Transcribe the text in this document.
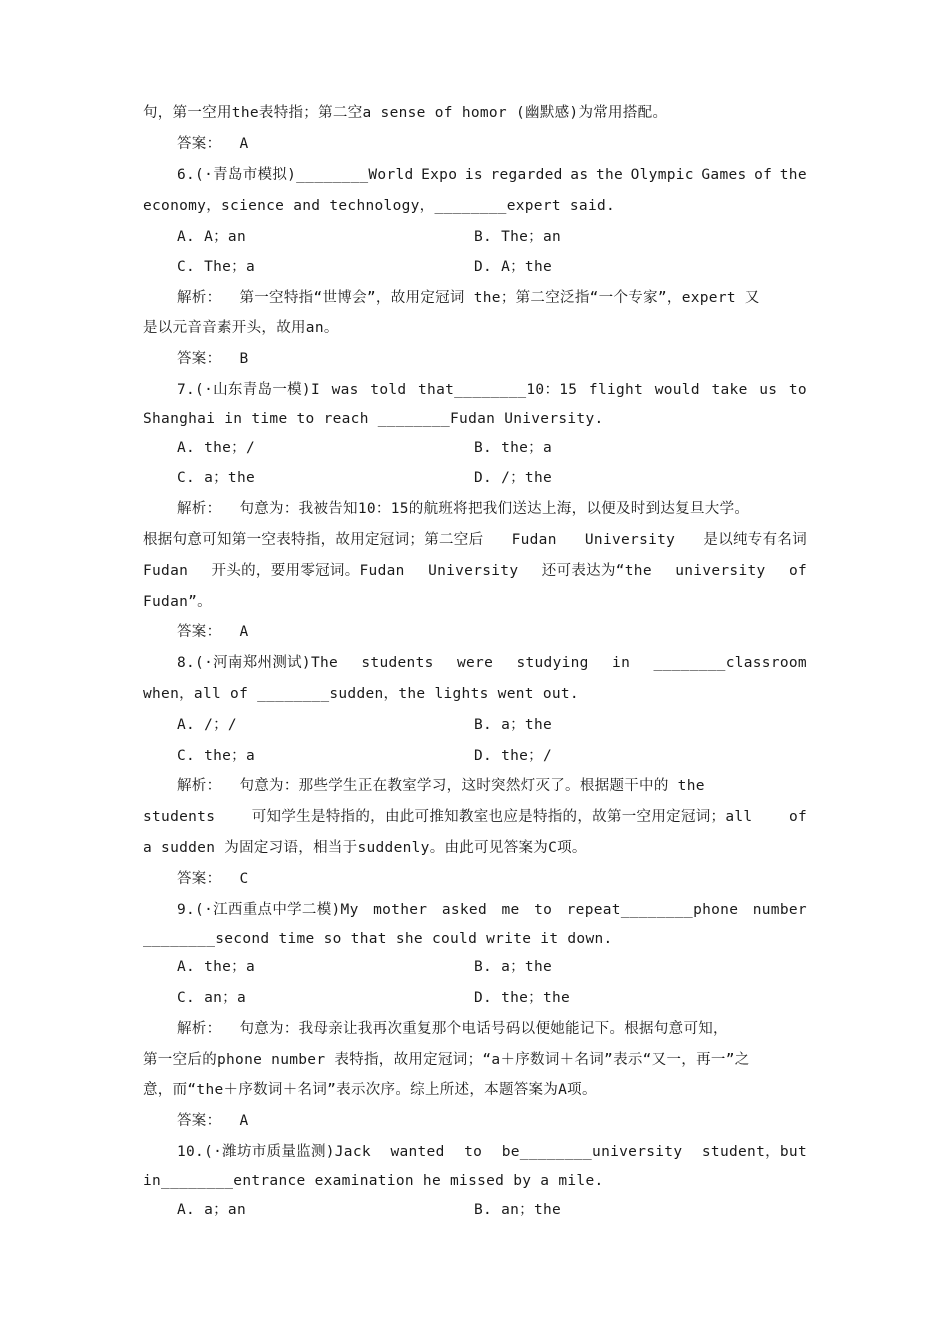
句，第一空用the表特指；第二空a sense of homor (幽默感)为常用搭配。
答案：  A
6.(·青岛市模拟)________World Expo is regarded as the Olympic Games of the
economy，science and technology，________expert said.
A. A；an	B. The；an
C. The；a	D. A；the
解析：  第一空特指“世博会”，故用定冠词 the；第二空泛指“一个专家”，expert 又
是以元音音素开头，故用an。
答案：  B
7.(·山东青岛一模)I was told that________10：15 flight would take us to
Shanghai in time to reach ________Fudan University.
A. the；/	B. the；a
C. a；the	D. /；the
解析：  句意为：我被告知10：15的航班将把我们送达上海，以便及时到达复旦大学。
根据句意可知第一空表特指，故用定冠词；第二空后 Fudan University 是以纯专有名词
Fudan 开头的，要用零冠词。Fudan University 还可表达为“the university of
Fudan”。
答案：  A
8.(·河南郑州测试)The students were studying in ________classroom
when，all of ________sudden，the lights went out.
A. /；/	B. a；the
C. the；a	D. the；/
解析：  句意为：那些学生正在教室学习，这时突然灯灭了。根据题干中的 the
students	可知学生是特指的，由此可推知教室也应是特指的，故第一空用定冠词；all	of
a sudden 为固定习语，相当于suddenly。由此可见答案为C项。
答案：  C
9.(·江西重点中学二模)My mother asked me to repeat________phone number
________second time so that she could write it down.
A. the；a	B. a；the
C. an；a	D. the；the
解析：  句意为：我母亲让我再次重复那个电话号码以便她能记下。根据句意可知，
第一空后的phone number 表特指，故用定冠词；“a＋序数词＋名词”表示“又一，再一”之
意，而“the＋序数词＋名词”表示次序。综上所述，本题答案为A项。
答案：  A
10.(·潍坊市质量监测)Jack wanted to be________university student，but
in________entrance examination he missed by a mile.
A. a；an	B. an；the
